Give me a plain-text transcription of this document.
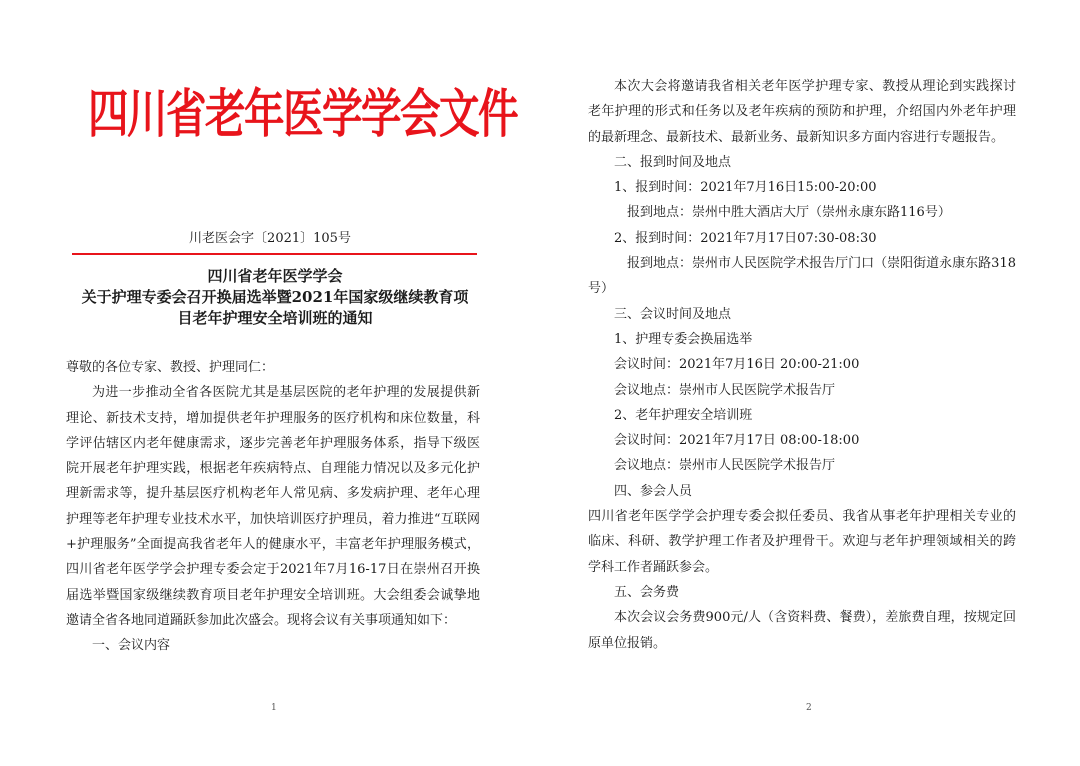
四川省老年医学学会文件
川老医会字〔2021〕105号
四川省老年医学学会
关于护理专委会召开换届选举暨2021年国家级继续教育项
目老年护理安全培训班的通知

尊敬的各位专家、教授、护理同仁：

为进一步推动全省各医院尤其是基层医院的老年护理的发展提供新理论、新技术支持，增加提供老年护理服务的医疗机构和床位数量，科学评估辖区内老年健康需求，逐步完善老年护理服务体系，指导下级医院开展老年护理实践，根据老年疾病特点、自理能力情况以及多元化护理新需求等，提升基层医疗机构老年人常见病、多发病护理、老年心理护理等老年护理专业技术水平，加快培训医疗护理员，着力推进“互联网+护理服务”全面提高我省老年人的健康水平，丰富老年护理服务模式，四川省老年医学学会护理专委会定于2021年7月16-17日在崇州召开换届选举暨国家级继续教育项目老年护理安全培训班。大会组委会诚挚地邀请全省各地同道踊跃参加此次盛会。现将会议有关事项通知如下：

一、会议内容

1

本次大会将邀请我省相关老年医学护理专家、教授从理论到实践探讨老年护理的形式和任务以及老年疾病的预防和护理，介绍国内外老年护理的最新理念、最新技术、最新业务、最新知识多方面内容进行专题报告。

二、报到时间及地点

1、报到时间：2021年7月16日15:00-20:00

报到地点：崇州中胜大酒店大厅（崇州永康东路116号）

2、报到时间：2021年7月17日07:30-08:30

报到地点：崇州市人民医院学术报告厅门口（崇阳街道永康东路318号）

三、会议时间及地点

1、护理专委会换届选举

会议时间：2021年7月16日 20:00-21:00

会议地点：崇州市人民医院学术报告厅

2、老年护理安全培训班

会议时间：2021年7月17日 08:00-18:00

会议地点：崇州市人民医院学术报告厅

四、参会人员

四川省老年医学学会护理专委会拟任委员、我省从事老年护理相关专业的临床、科研、教学护理工作者及护理骨干。欢迎与老年护理领域相关的跨学科工作者踊跃参会。

五、会务费

本次会议会务费900元/人（含资料费、餐费），差旅费自理，按规定回原单位报销。

2
